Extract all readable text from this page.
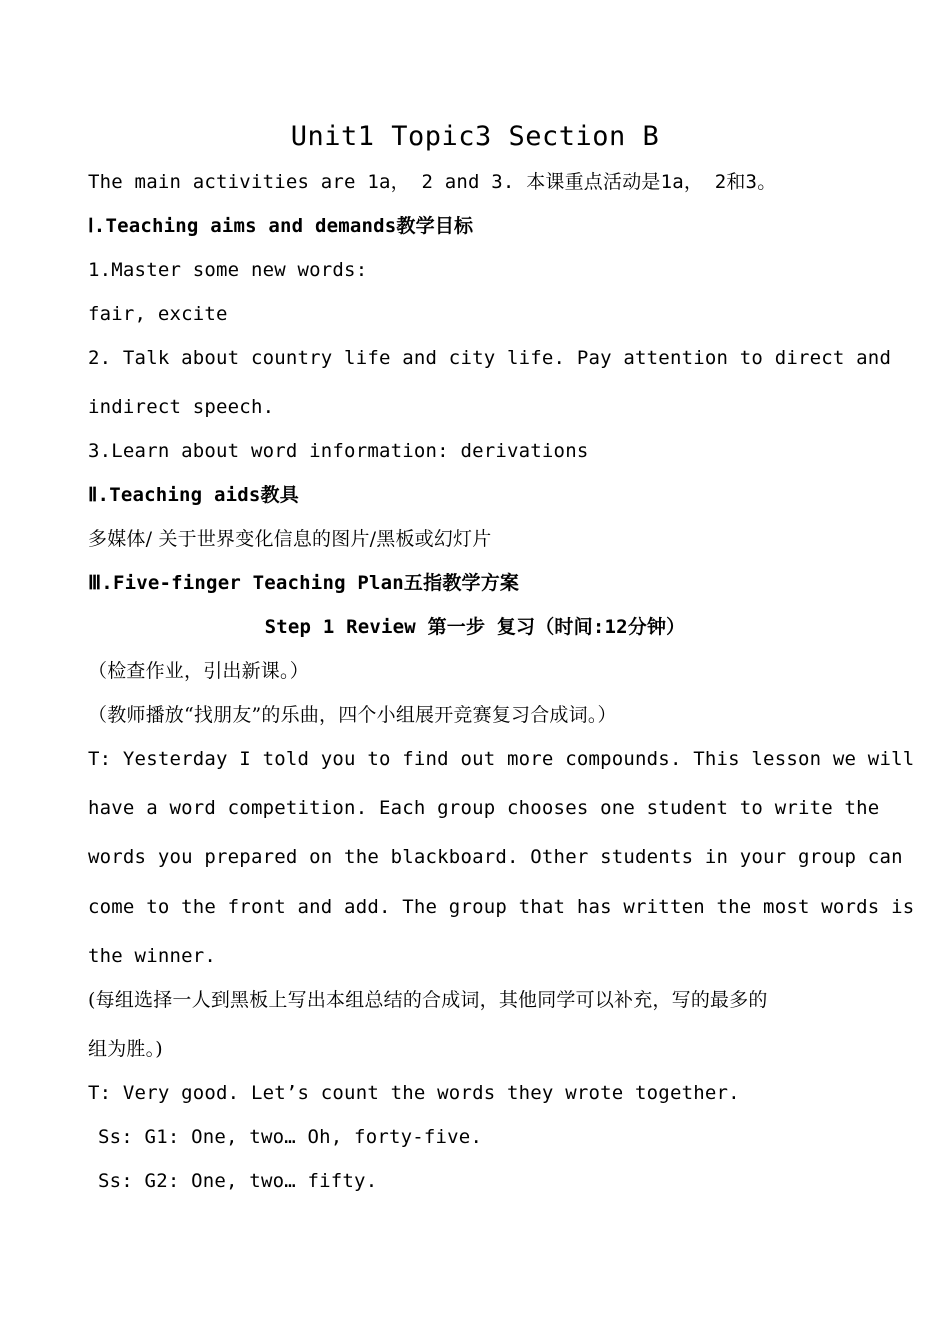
Unit1 Topic3 Section B
The main activities are 1a， 2 and 3. 本课重点活动是1a， 2和3。
Ⅰ.Teaching aims and demands教学目标
1.Master some new words:
fair, excite
2. Talk about country life and city life. Pay attention to direct and
indirect speech.
3.Learn about word information: derivations
Ⅱ.Teaching aids教具
多媒体/ 关于世界变化信息的图片/黑板或幻灯片
Ⅲ.Five-finger Teaching Plan五指教学方案
Step 1 Review 第一步 复习（时间:12分钟）
（检查作业，引出新课。）
（教师播放“找朋友”的乐曲，四个小组展开竞赛复习合成词。）
T: Yesterday I told you to find out more compounds. This lesson we will
have a word competition. Each group chooses one student to write the
words you prepared on the blackboard. Other students in your group can
come to the front and add. The group that has written the most words is
the winner.
(每组选择一人到黑板上写出本组总结的合成词，其他同学可以补充，写的最多的
组为胜。)
T: Very good. Let’s count the words they wrote together.
Ss: G1: One, two… Oh, forty-five.
Ss: G2: One, two… fifty.
